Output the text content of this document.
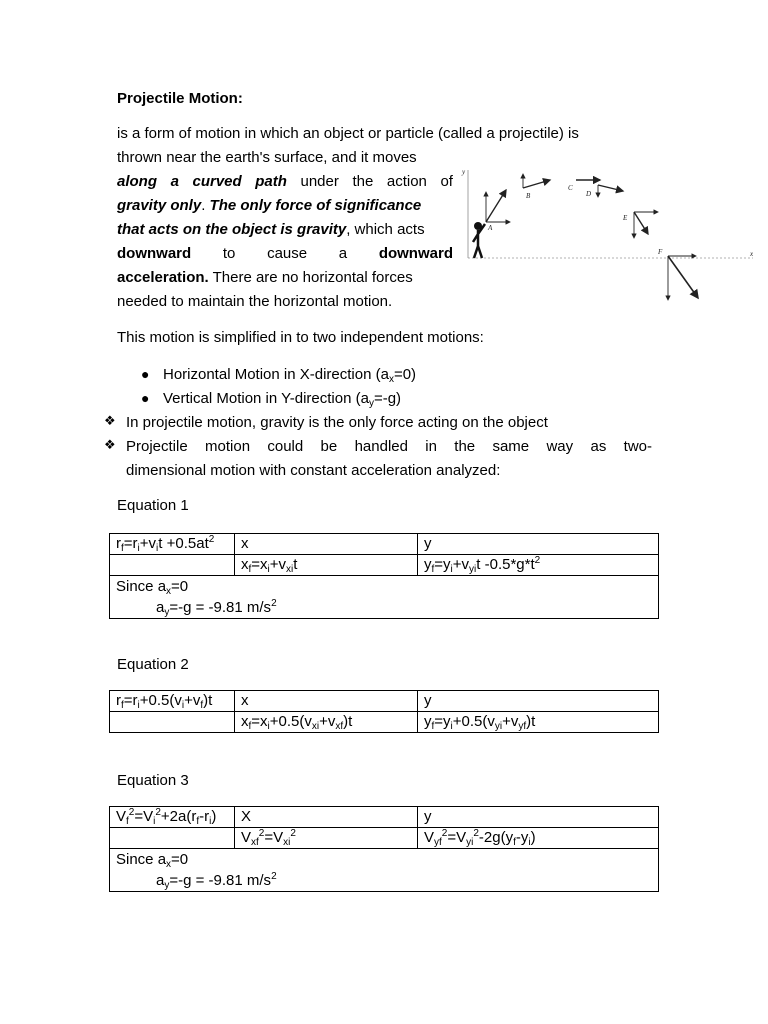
Projectile Motion:
is a form of motion in which an object or particle (called a projectile) is
thrown near the earth's surface, and it moves
along a curved path under the action of
gravity only. The only force of significance
that acts on the object is gravity, which acts
downward to cause a downward
acceleration. There are no horizontal forces
needed to maintain the horizontal motion.
x
y
A
B
C
D
E
F
This motion is simplified in to two independent motions:
● Horizontal Motion in X-direction $(a_x=0)$
● Vertical Motion in Y-direction $(a_y=-g)$
❖ In projectile motion, gravity is the only force acting on the object
❖ Projectile motion could be handled in the same way as two-
dimensional motion with constant acceleration analyzed:
Equation 1
$r_f=r_i+v_it +0.5at^2$	x	y
	$x_f=x_i+v_{xi}t$	$y_f=y_i+v_{yi}t$ $-0.5*g*t^2$
Since $a_x=0$
$a_y=-g = -9.81$ $m/s^2$
Equation 2
$r_f=r_i+0.5(v_i+v_f)t$	x	y
	$x_f=x_i+0.5(v_{xi}+v_{xf})t$	$y_f=y_i+0.5(v_{yi}+v_{yf})t$
Equation 3
$V_f^2=V_i^2+2a(r_f-r_i)$	X	y
	$V_{xf}^2=V_{xi}^2$	$V_{yf}^2=V_{yi}^2-2g(y_f-y_i)$
Since $a_x=0$
$a_y=-g = -9.81$ $m/s^2$
